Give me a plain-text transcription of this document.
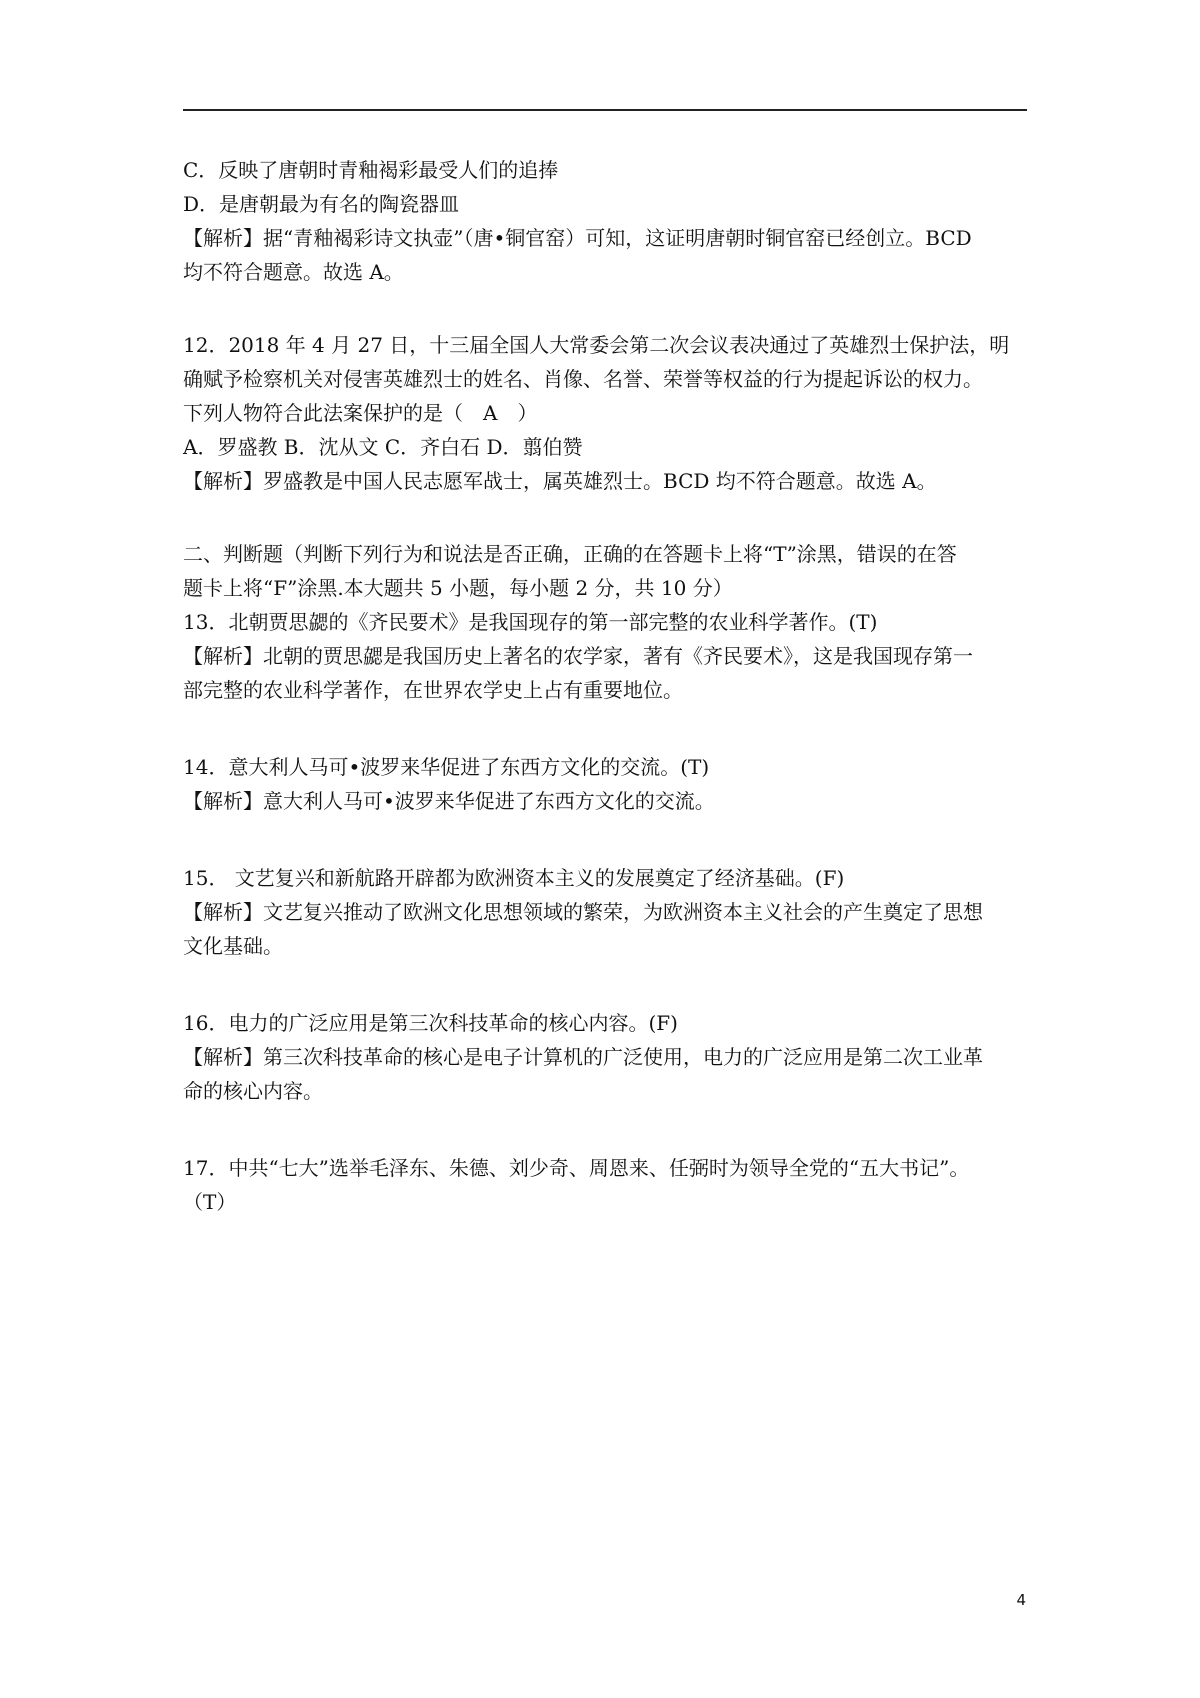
C．反映了唐朝时青釉褐彩最受人们的追捧
D．是唐朝最为有名的陶瓷器皿
【解析】据“青釉褐彩诗文执壶”（唐•铜官窑）可知，这证明唐朝时铜官窑已经创立。BCD
均不符合题意。故选 A。
12．2018 年 4 月 27 日，十三届全国人大常委会第二次会议表决通过了英雄烈士保护法，明
确赋予检察机关对侵害英雄烈士的姓名、肖像、名誉、荣誉等权益的行为提起诉讼的权力。
下列人物符合此法案保护的是（　A　）
A．罗盛教 B．沈从文 C．齐白石 D．翦伯赞
【解析】罗盛教是中国人民志愿军战士，属英雄烈士。BCD 均不符合题意。故选 A。
二、判断题（判断下列行为和说法是否正确，正确的在答题卡上将“T”涂黑，错误的在答
题卡上将“F”涂黑.本大题共 5 小题，每小题 2 分，共 10 分）
13．北朝贾思勰的《齐民要术》是我国现存的第一部完整的农业科学著作。(T)
【解析】北朝的贾思勰是我国历史上著名的农学家，著有《齐民要术》，这是我国现存第一
部完整的农业科学著作，在世界农学史上占有重要地位。
14．意大利人马可•波罗来华促进了东西方文化的交流。(T)
【解析】意大利人马可•波罗来华促进了东西方文化的交流。
15． 文艺复兴和新航路开辟都为欧洲资本主义的发展奠定了经济基础。(F)
【解析】文艺复兴推动了欧洲文化思想领域的繁荣，为欧洲资本主义社会的产生奠定了思想
文化基础。
16．电力的广泛应用是第三次科技革命的核心内容。(F)
【解析】第三次科技革命的核心是电子计算机的广泛使用，电力的广泛应用是第二次工业革
命的核心内容。
17．中共“七大”选举毛泽东、朱德、刘少奇、周恩来、任弼时为领导全党的“五大书记”。
（T）
4
